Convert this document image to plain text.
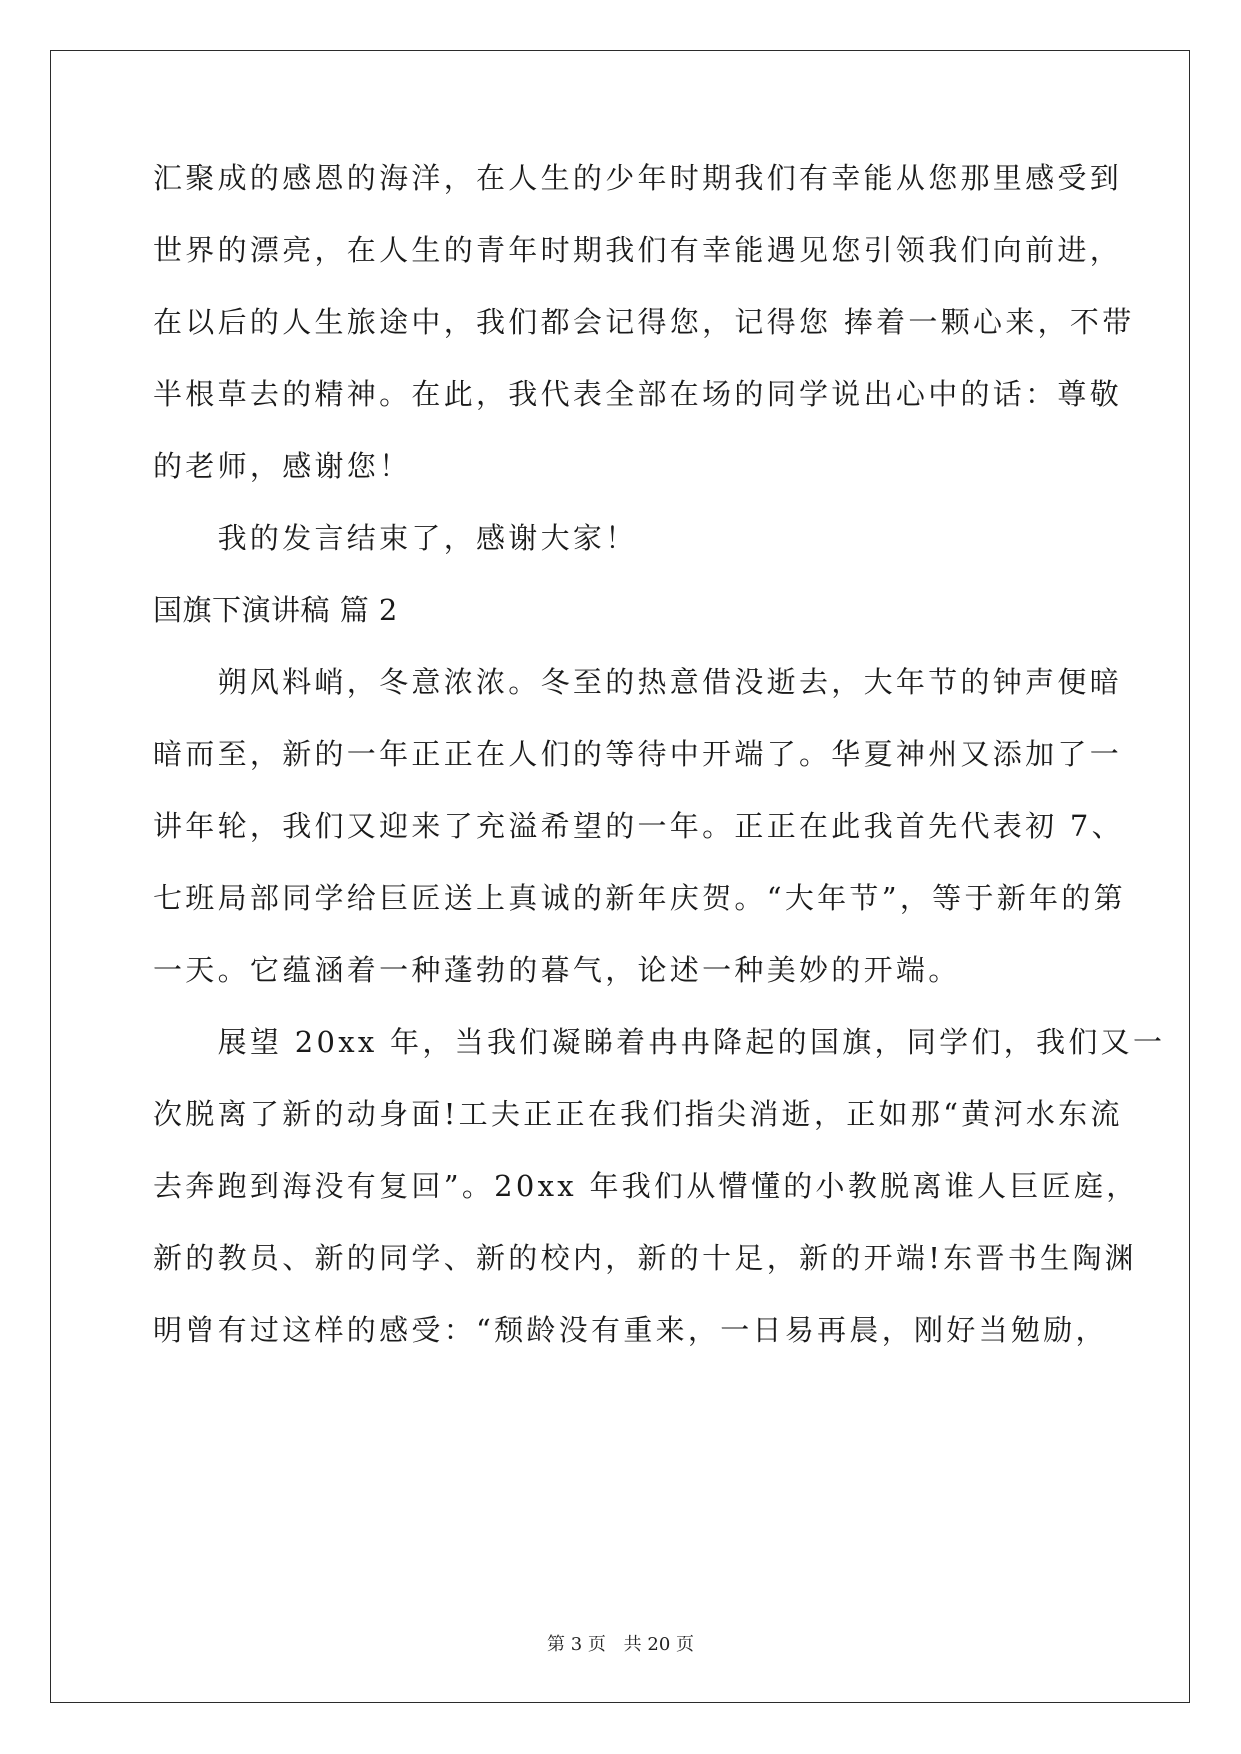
汇聚成的感恩的海洋，在人生的少年时期我们有幸能从您那里感受到
世界的漂亮，在人生的青年时期我们有幸能遇见您引领我们向前进，
在以后的人生旅途中，我们都会记得您，记得您 捧着一颗心来，不带
半根草去的精神。在此，我代表全部在场的同学说出心中的话：尊敬
的老师，感谢您！
　　我的发言结束了，感谢大家！
国旗下演讲稿 篇 2
　　朔风料峭，冬意浓浓。冬至的热意借没逝去，大年节的钟声便暗
暗而至，新的一年正正在人们的等待中开端了。华夏神州又添加了一
讲年轮，我们又迎来了充溢希望的一年。正正在此我首先代表初 7、
七班局部同学给巨匠送上真诚的新年庆贺。“大年节”，等于新年的第
一天。它蕴涵着一种蓬勃的暮气，论述一种美妙的开端。
　　展望 20xx 年，当我们凝睇着冉冉降起的国旗，同学们，我们又一
次脱离了新的动身面!工夫正正在我们指尖消逝，正如那“黄河水东流
去奔跑到海没有复回”。20xx 年我们从懵懂的小教脱离谁人巨匠庭，
新的教员、新的同学、新的校内，新的十足，新的开端!东晋书生陶渊
明曾有过这样的感受：“颓龄没有重来，一日易再晨，刚好当勉励，
第 3 页 共 20 页
